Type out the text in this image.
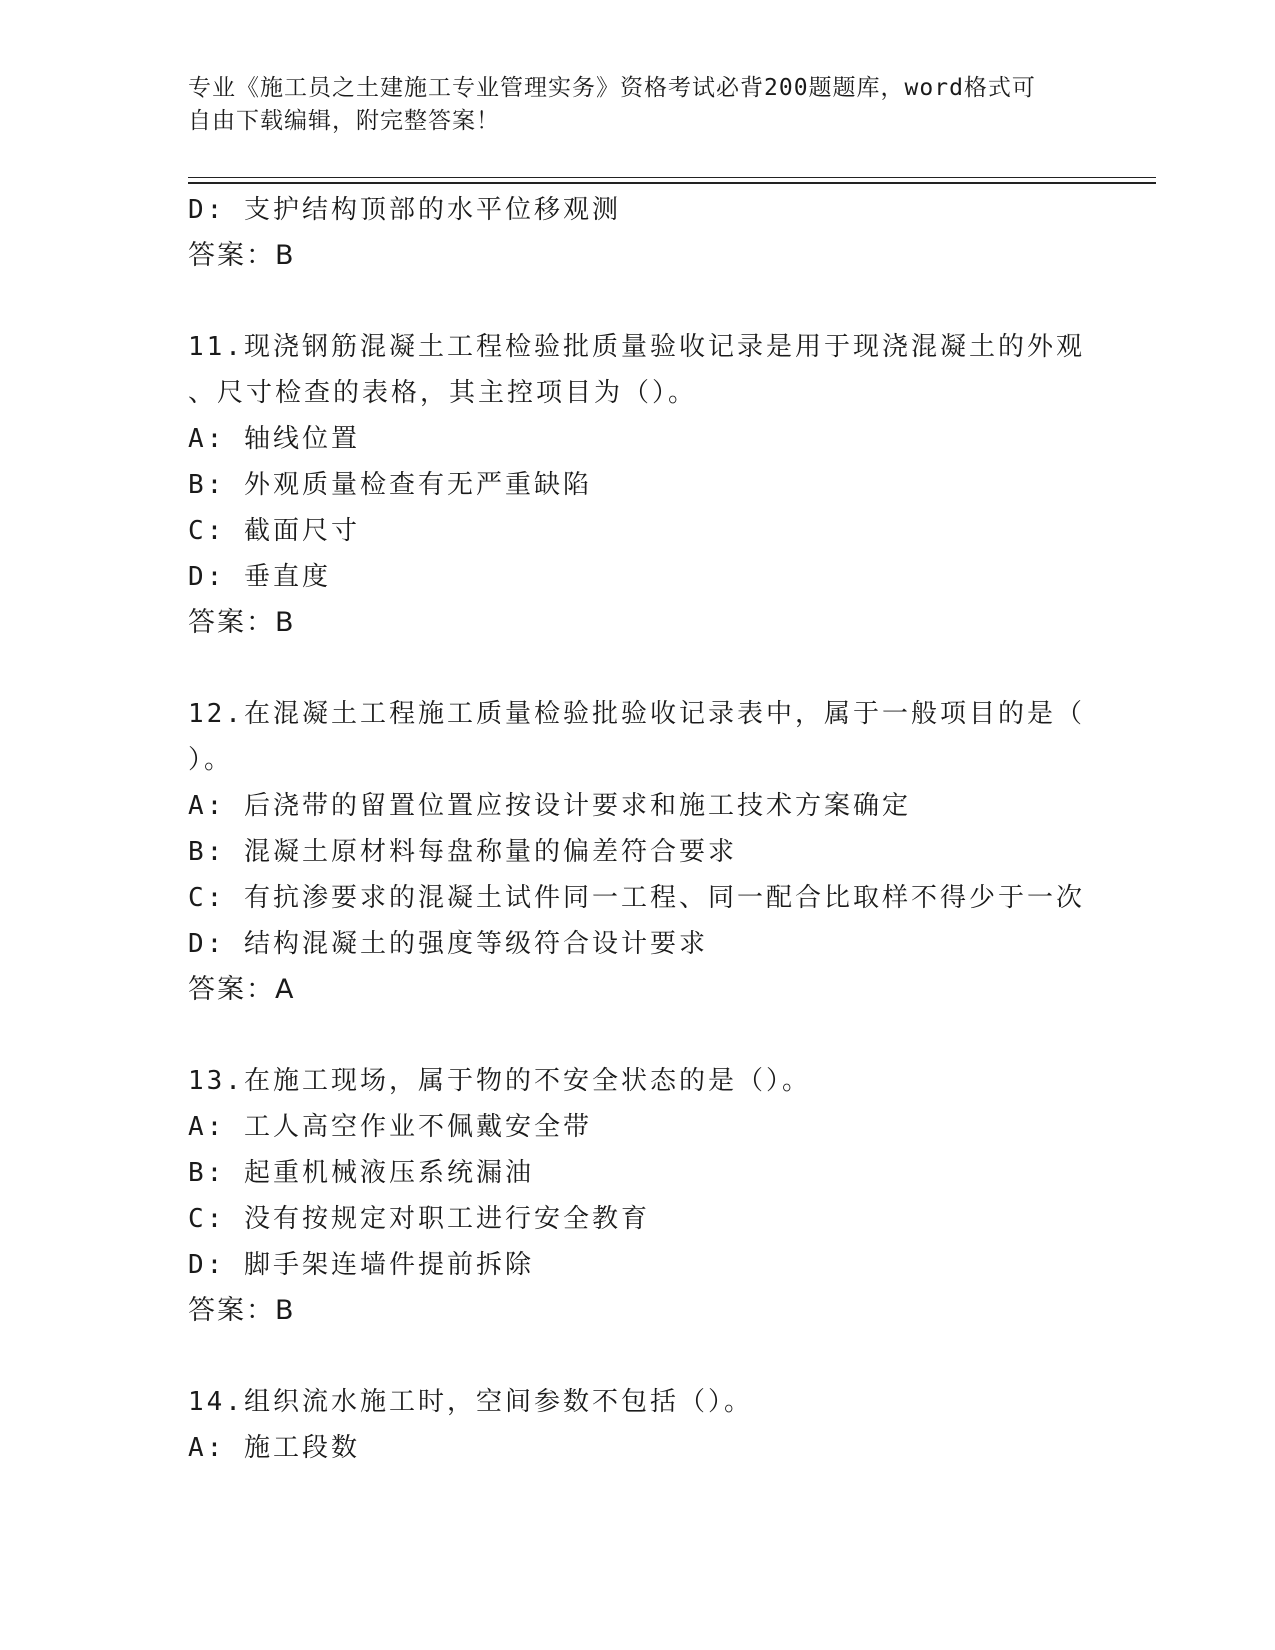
专业《施工员之土建施工专业管理实务》资格考试必背200题题库，word格式可
自由下载编辑，附完整答案！
D: 支护结构顶部的水平位移观测
答案：B
11.现浇钢筋混凝土工程检验批质量验收记录是用于现浇混凝土的外观
、尺寸检查的表格，其主控项目为（）。
A: 轴线位置
B: 外观质量检查有无严重缺陷
C: 截面尺寸
D: 垂直度
答案：B
12.在混凝土工程施工质量检验批验收记录表中，属于一般项目的是（
）。
A: 后浇带的留置位置应按设计要求和施工技术方案确定
B: 混凝土原材料每盘称量的偏差符合要求
C: 有抗渗要求的混凝土试件同一工程、同一配合比取样不得少于一次
D: 结构混凝土的强度等级符合设计要求
答案：A
13.在施工现场，属于物的不安全状态的是（）。
A: 工人高空作业不佩戴安全带
B: 起重机械液压系统漏油
C: 没有按规定对职工进行安全教育
D: 脚手架连墙件提前拆除
答案：B
14.组织流水施工时，空间参数不包括（）。
A: 施工段数
